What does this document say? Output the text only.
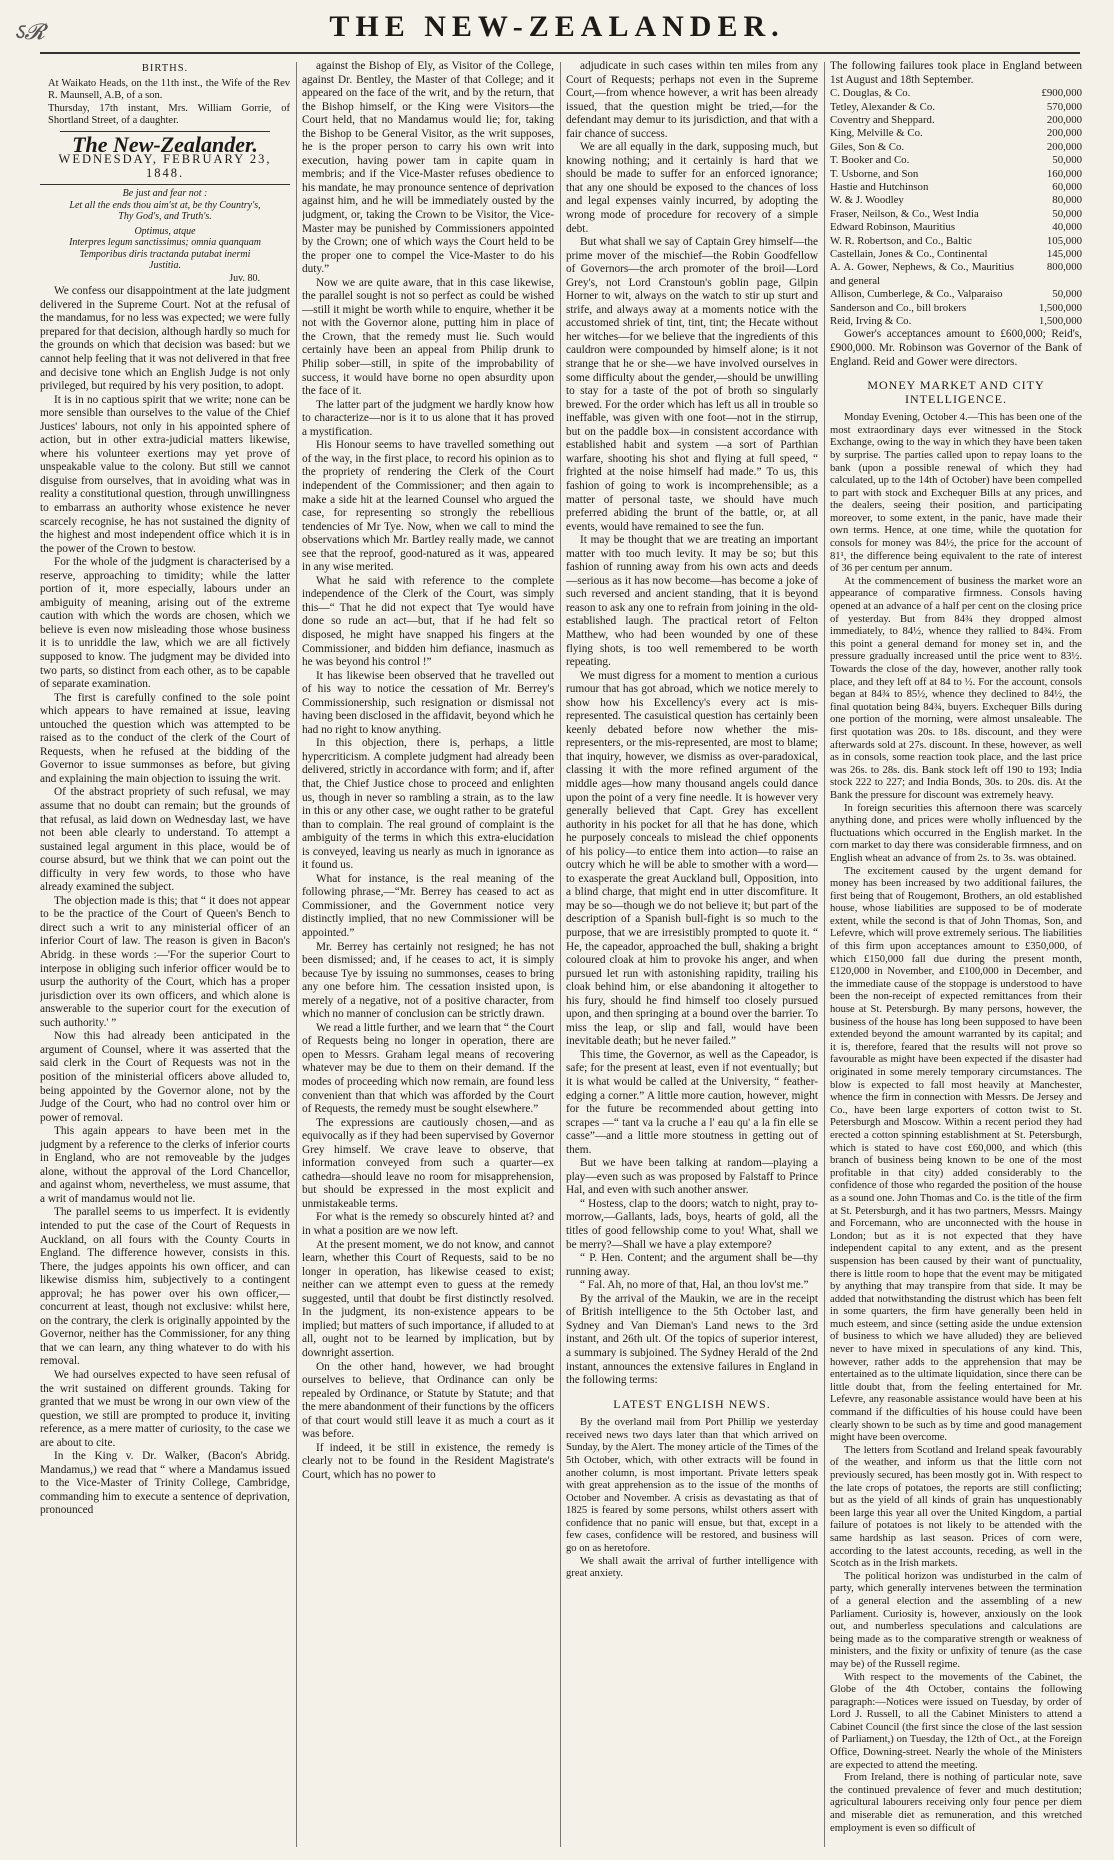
THE NEW-ZEALANDER.
ऽ𝓡
BIRTHS.

At Waikato Heads, on the 11th inst., the Wife of the Rev R. Maunsell, A.B, of a son.

Thursday, 17th instant, Mrs. William Gorrie, of Shortland Street, of a daughter.

The New-Zealander.
WEDNESDAY, FEBRUARY 23, 1848.
Be just and fear not :
Let all the ends thou aim'st at, be thy Country's,
Thy God's, and Truth's.
Optimus, atque
Interpres legum sanctissimus; omnia quanquam
Temporibus diris tractanda putabat inermi
Justitia.
Juv. 80.

We confess our disappointment at the late judgment delivered in the Supreme Court. Not at the refusal of the mandamus, for no less was expected; we were fully prepared for that decision, although hardly so much for the grounds on which that decision was based: but we cannot help feeling that it was not delivered in that free and decisive tone which an English Judge is not only privileged, but required by his very position, to adopt.

It is in no captious spirit that we write; none can be more sensible than ourselves to the value of the Chief Justices' labours, not only in his appointed sphere of action, but in other extra-judicial matters likewise, where his volunteer exertions may yet prove of unspeakable value to the colony. But still we cannot disguise from ourselves, that in avoiding what was in reality a constitutional question, through unwillingness to embarrass an authority whose existence he never scarcely recognise, he has not sustained the dignity of the highest and most independent office which it is in the power of the Crown to bestow.

For the whole of the judgment is characterised by a reserve, approaching to timidity; while the latter portion of it, more especially, labours under an ambiguity of meaning, arising out of the extreme caution with which the words are chosen, which we believe is even now misleading those whose business it is to unriddle the law, which we are all fictively supposed to know. The judgment may be divided into two parts, so distinct from each other, as to be capable of separate examination.

The first is carefully confined to the sole point which appears to have remained at issue, leaving untouched the question which was attempted to be raised as to the conduct of the clerk of the Court of Requests, when he refused at the bidding of the Governor to issue summonses as before, but giving and explaining the main objection to issuing the writ.

Of the abstract propriety of such refusal, we may assume that no doubt can remain; but the grounds of that refusal, as laid down on Wednesday last, we have not been able clearly to understand. To attempt a sustained legal argument in this place, would be of course absurd, but we think that we can point out the difficulty in very few words, to those who have already examined the subject.

The objection made is this; that “ it does not appear to be the practice of the Court of Queen's Bench to direct such a writ to any ministerial officer of an inferior Court of law. The reason is given in Bacon's Abridg. in these words :—'For the superior Court to interpose in obliging such inferior officer would be to usurp the authority of the Court, which has a proper jurisdiction over its own officers, and which alone is answerable to the superior court for the execution of such authority.' ”

Now this had already been anticipated in the argument of Counsel, where it was asserted that the said clerk in the Court of Requests was not in the position of the ministerial officers above alluded to, being appointed by the Governor alone, not by the Judge of the Court, who had no control over him or power of removal.

This again appears to have been met in the judgment by a reference to the clerks of inferior courts in England, who are not removeable by the judges alone, without the approval of the Lord Chancellor, and against whom, nevertheless, we must assume, that a writ of mandamus would not lie.

The parallel seems to us imperfect. It is evidently intended to put the case of the Court of Requests in Auckland, on all fours with the County Courts in England. The difference however, consists in this. There, the judges appoints his own officer, and can likewise dismiss him, subjectively to a contingent approval; he has power over his own officer,—concurrent at least, though not exclusive: whilst here, on the contrary, the clerk is originally appointed by the Governor, neither has the Commissioner, for any thing that we can learn, any thing whatever to do with his removal.

We had ourselves expected to have seen refusal of the writ sustained on different grounds. Taking for granted that we must be wrong in our own view of the question, we still are prompted to produce it, inviting reference, as a mere matter of curiosity, to the case we are about to cite.

In the King v. Dr. Walker, (Bacon's Abridg. Mandamus,) we read that “ where a Mandamus issued to the Vice-Master of Trinity College, Cambridge, commanding him to execute a sentence of deprivation, pronounced

against the Bishop of Ely, as Visitor of the College, against Dr. Bentley, the Master of that College; and it appeared on the face of the writ, and by the return, that the Bishop himself, or the King were Visitors—the Court held, that no Mandamus would lie; for, taking the Bishop to be General Visitor, as the writ supposes, he is the proper person to carry his own writ into execution, having power tam in capite quam in membris; and if the Vice-Master refuses obedience to his mandate, he may pronounce sentence of deprivation against him, and he will be immediately ousted by the judgment, or, taking the Crown to be Visitor, the Vice-Master may be punished by Commissioners appointed by the Crown; one of which ways the Court held to be the proper one to compel the Vice-Master to do his duty.”

Now we are quite aware, that in this case likewise, the parallel sought is not so perfect as could be wished—still it might be worth while to enquire, whether it be not with the Governor alone, putting him in place of the Crown, that the remedy must lie. Such would certainly have been an appeal from Philip drunk to Philip sober—still, in spite of the improbability of success, it would have borne no open absurdity upon the face of it.

The latter part of the judgment we hardly know how to characterize—nor is it to us alone that it has proved a mystification.

His Honour seems to have travelled something out of the way, in the first place, to record his opinion as to the propriety of rendering the Clerk of the Court independent of the Commissioner; and then again to make a side hit at the learned Counsel who argued the case, for representing so strongly the rebellious tendencies of Mr Tye. Now, when we call to mind the observations which Mr. Bartley really made, we cannot see that the reproof, good-natured as it was, appeared in any wise merited.

What he said with reference to the complete independence of the Clerk of the Court, was simply this—“ That he did not expect that Tye would have done so rude an act—but, that if he had felt so disposed, he might have snapped his fingers at the Commissioner, and bidden him defiance, inasmuch as he was beyond his control !”

It has likewise been observed that he travelled out of his way to notice the cessation of Mr. Berrey's Commissionership, such resignation or dismissal not having been disclosed in the affidavit, beyond which he had no right to know anything.

In this objection, there is, perhaps, a little hypercriticism. A complete judgment had already been delivered, strictly in accordance with form; and if, after that, the Chief Justice chose to proceed and enlighten us, though in never so rambling a strain, as to the law in this or any other case, we ought rather to be grateful than to complain. The real ground of complaint is the ambiguity of the terms in which this extra-elucidation is conveyed, leaving us nearly as much in ignorance as it found us.

What for instance, is the real meaning of the following phrase,—“Mr. Berrey has ceased to act as Commissioner, and the Government notice very distinctly implied, that no new Commissioner will be appointed.”

Mr. Berrey has certainly not resigned; he has not been dismissed; and, if he ceases to act, it is simply because Tye by issuing no summonses, ceases to bring any one before him. The cessation insisted upon, is merely of a negative, not of a positive character, from which no manner of conclusion can be strictly drawn.

We read a little further, and we learn that “ the Court of Requests being no longer in operation, there are open to Messrs. Graham legal means of recovering whatever may be due to them on their demand. If the modes of proceeding which now remain, are found less convenient than that which was afforded by the Court of Requests, the remedy must be sought elsewhere.”

The expressions are cautiously chosen,—and as equivocally as if they had been supervised by Governor Grey himself. We crave leave to observe, that information conveyed from such a quarter—ex cathedra—should leave no room for misapprehension, but should be expressed in the most explicit and unmistakeable terms.

For what is the remedy so obscurely hinted at? and in what a position are we now left.

At the present moment, we do not know, and cannot learn, whether this Court of Requests, said to be no longer in operation, has likewise ceased to exist; neither can we attempt even to guess at the remedy suggested, until that doubt be first distinctly resolved. In the judgment, its non-existence appears to be implied; but matters of such importance, if alluded to at all, ought not to be learned by implication, but by downright assertion.

On the other hand, however, we had brought ourselves to believe, that Ordinance can only be repealed by Ordinance, or Statute by Statute; and that the mere abandonment of their functions by the officers of that court would still leave it as much a court as it was before.

If indeed, it be still in existence, the remedy is clearly not to be found in the Resident Magistrate's Court, which has no power to

adjudicate in such cases within ten miles from any Court of Requests; perhaps not even in the Supreme Court,—from whence however, a writ has been already issued, that the question might be tried,—for the defendant may demur to its jurisdiction, and that with a fair chance of success.

We are all equally in the dark, supposing much, but knowing nothing; and it certainly is hard that we should be made to suffer for an enforced ignorance; that any one should be exposed to the chances of loss and legal expenses vainly incurred, by adopting the wrong mode of procedure for recovery of a simple debt.

But what shall we say of Captain Grey himself—the prime mover of the mischief—the Robin Goodfellow of Governors—the arch promoter of the broil—Lord Grey's, not Lord Cranstoun's goblin page, Gilpin Horner to wit, always on the watch to stir up sturt and strife, and always away at a moments notice with the accustomed shriek of tint, tint, tint; the Hecate without her witches—for we believe that the ingredients of this cauldron were compounded by himself alone; is it not strange that he or she—we have involved ourselves in some difficulty about the gender,—should be unwilling to stay for a taste of the pot of broth so singularly brewed. For the order which has left us all in trouble so ineffable, was given with one foot—not in the stirrup, but on the paddle box—in consistent accordance with established habit and system —a sort of Parthian warfare, shooting his shot and flying at full speed, “ frighted at the noise himself had made.” To us, this fashion of going to work is incomprehensible; as a matter of personal taste, we should have much preferred abiding the brunt of the battle, or, at all events, would have remained to see the fun.

It may be thought that we are treating an important matter with too much levity. It may be so; but this fashion of running away from his own acts and deeds—serious as it has now become—has become a joke of such reversed and ancient standing, that it is beyond reason to ask any one to refrain from joining in the old-established laugh. The practical retort of Felton Matthew, who had been wounded by one of these flying shots, is too well remembered to be worth repeating.

We must digress for a moment to mention a curious rumour that has got abroad, which we notice merely to show how his Excellency's every act is mis-represented. The casuistical question has certainly been keenly debated before now whether the mis-representers, or the mis-represented, are most to blame; that inquiry, however, we dismiss as over-paradoxical, classing it with the more refined argument of the middle ages—how many thousand angels could dance upon the point of a very fine needle. It is however very generally believed that Capt. Grey has excellent authority in his pocket for all that he has done, which he purposely conceals to mislead the chief opponents of his policy—to entice them into action—to raise an outcry which he will be able to smother with a word—to exasperate the great Auckland bull, Opposition, into a blind charge, that might end in utter discomfiture. It may be so—though we do not believe it; but part of the description of a Spanish bull-fight is so much to the purpose, that we are irresistibly prompted to quote it. “ He, the capeador, approached the bull, shaking a bright coloured cloak at him to provoke his anger, and when pursued let run with astonishing rapidity, trailing his cloak behind him, or else abandoning it altogether to his fury, should he find himself too closely pursued upon, and then springing at a bound over the barrier. To miss the leap, or slip and fall, would have been inevitable death; but he never failed.”

This time, the Governor, as well as the Capeador, is safe; for the present at least, even if not eventually; but it is what would be called at the University, “ feather-edging a corner.” A little more caution, however, might for the future be recommended about getting into scrapes —“ tant va la cruche a l' eau qu' a la fin elle se casse”—and a little more stoutness in getting out of them.

But we have been talking at random—playing a play—even such as was proposed by Falstaff to Prince Hal, and even with such another answer.

“ Hostess, clap to the doors; watch to night, pray to-morrow,—Gallants, lads, boys, hearts of gold, all the titles of good fellowship come to you! What, shall we be merry?—Shall we have a play extempore?

“ P. Hen. Content; and the argument shall be—thy running away.

“ Fal. Ah, no more of that, Hal, an thou lov'st me.”

By the arrival of the Maukin, we are in the receipt of British intelligence to the 5th October last, and Sydney and Van Dieman's Land news to the 3rd instant, and 26th ult. Of the topics of superior interest, a summary is subjoined. The Sydney Herald of the 2nd instant, announces the extensive failures in England in the following terms:

LATEST ENGLISH NEWS.

By the overland mail from Port Phillip we yesterday received news two days later than that which arrived on Sunday, by the Alert. The money article of the Times of the 5th October, which, with other extracts will be found in another column, is most important. Private letters speak with great apprehension as to the issue of the months of October and November. A crisis as devastating as that of 1825 is feared by some persons, whilst others assert with confidence that no panic will ensue, but that, except in a few cases, confidence will be restored, and business will go on as heretofore.

We shall await the arrival of further intelligence with great anxiety.

The following failures took place in England between 1st August and 18th September.

C. Douglas, & Co.	£900,000
Tetley, Alexander & Co.	570,000
Coventry and Sheppard.	200,000
King, Melville & Co.	200,000
Giles, Son & Co.	200,000
T. Booker and Co.	50,000
T. Usborne, and Son	160,000
Hastie and Hutchinson	60,000
W. & J. Woodley	80,000
Fraser, Neilson, & Co., West India	50,000
Edward Robinson, Mauritius	40,000
W. R. Robertson, and Co., Baltic	105,000
Castellain, Jones & Co., Continental	145,000
A. A. Gower, Nephews, & Co., Mauritius and general	800,000
Allison, Cumberlege, & Co., Valparaiso	50,000
Sanderson and Co., bill brokers	1,500,000
Reid, Irving & Co.	1,500,000

Gower's acceptances amount to £600,000; Reid's, £900,000. Mr. Robinson was Governor of the Bank of England. Reid and Gower were directors.

MONEY MARKET AND CITY INTELLIGENCE.

Monday Evening, October 4.—This has been one of the most extraordinary days ever witnessed in the Stock Exchange, owing to the way in which they have been taken by surprise. The parties called upon to repay loans to the bank (upon a possible renewal of which they had calculated, up to the 14th of October) have been compelled to part with stock and Exchequer Bills at any prices, and the dealers, seeing their position, and participating moreover, to some extent, in the panic, have made their own terms. Hence, at one time, while the quotation for consols for money was 84½, the price for the account of 81¹, the difference being equivalent to the rate of interest of 36 per centum per annum.

At the commencement of business the market wore an appearance of comparative firmness. Consols having opened at an advance of a half per cent on the closing price of yesterday. But from 84¾ they dropped almost immediately, to 84½, whence they rallied to 84¾. From this point a general demand for money set in, and the pressure gradually increased until the price went to 83½. Towards the close of the day, however, another rally took place, and they left off at 84 to ½. For the account, consols began at 84¾ to 85½, whence they declined to 84½, the final quotation being 84¾, buyers. Exchequer Bills during one portion of the morning, were almost unsaleable. The first quotation was 20s. to 18s. discount, and they were afterwards sold at 27s. discount. In these, however, as well as in consols, some reaction took place, and the last price was 26s. to 28s. dis. Bank stock left off 190 to 193; India stock 222 to 227; and India Bonds, 30s. to 20s. dis. At the Bank the pressure for discount was extremely heavy.

In foreign securities this afternoon there was scarcely anything done, and prices were wholly influenced by the fluctuations which occurred in the English market. In the corn market to day there was considerable firmness, and on English wheat an advance of from 2s. to 3s. was obtained.

The excitement caused by the urgent demand for money has been increased by two additional failures, the first being that of Rougemont, Brothers, an old established house, whose liabilities are supposed to be of moderate extent, while the second is that of John Thomas, Son, and Lefevre, which will prove extremely serious. The liabilities of this firm upon acceptances amount to £350,000, of which £150,000 fall due during the present month, £120,000 in November, and £100,000 in December, and the immediate cause of the stoppage is understood to have been the non-receipt of expected remittances from their house at St. Petersburgh. By many persons, however, the business of the house has long been supposed to have been extended beyond the amount warranted by its capital; and it is, therefore, feared that the results will not prove so favourable as might have been expected if the disaster had originated in some merely temporary circumstances. The blow is expected to fall most heavily at Manchester, whence the firm in connection with Messrs. De Jersey and Co., have been large exporters of cotton twist to St. Petersburgh and Moscow. Within a recent period they had erected a cotton spinning establishment at St. Petersburgh, which is stated to have cost £60,000, and which (this branch of business being known to be one of the most profitable in that city) added considerably to the confidence of those who regarded the position of the house as a sound one. John Thomas and Co. is the title of the firm at St. Petersburgh, and it has two partners, Messrs. Maingy and Forcemann, who are unconnected with the house in London; but as it is not expected that they have independent capital to any extent, and as the present suspension has been caused by their want of punctuality, there is little room to hope that the event may be mitigated by anything that may transpire from that side. It may be added that notwithstanding the distrust which has been felt in some quarters, the firm have generally been held in much esteem, and since (setting aside the undue extension of business to which we have alluded) they are believed never to have mixed in speculations of any kind. This, however, rather adds to the apprehension that may be entertained as to the ultimate liquidation, since there can be little doubt that, from the feeling entertained for Mr. Lefevre, any reasonable assistance would have been at his command if the difficulties of his house could have been clearly shown to be such as by time and good management might have been overcome.

The letters from Scotland and Ireland speak favourably of the weather, and inform us that the little corn not previously secured, has been mostly got in. With respect to the late crops of potatoes, the reports are still conflicting; but as the yield of all kinds of grain has unquestionably been large this year all over the United Kingdom, a partial failure of potatoes is not likely to be attended with the same hardship as last season. Prices of corn were, according to the latest accounts, receding, as well in the Scotch as in the Irish markets.

The political horizon was undisturbed in the calm of party, which generally intervenes between the termination of a general election and the assembling of a new Parliament. Curiosity is, however, anxiously on the look out, and numberless speculations and calculations are being made as to the comparative strength or weakness of ministers, and the fixity or unfixity of tenure (as the case may be) of the Russell regime.

With respect to the movements of the Cabinet, the Globe of the 4th October, contains the following paragraph:—Notices were issued on Tuesday, by order of Lord J. Russell, to all the Cabinet Ministers to attend a Cabinet Council (the first since the close of the last session of Parliament,) on Tuesday, the 12th of Oct., at the Foreign Office, Downing-street. Nearly the whole of the Ministers are expected to attend the meeting.

From Ireland, there is nothing of particular note, save the continued prevalence of fever and much destitution; agricultural labourers receiving only four pence per diem and miserable diet as remuneration, and this wretched employment is even so difficult of
